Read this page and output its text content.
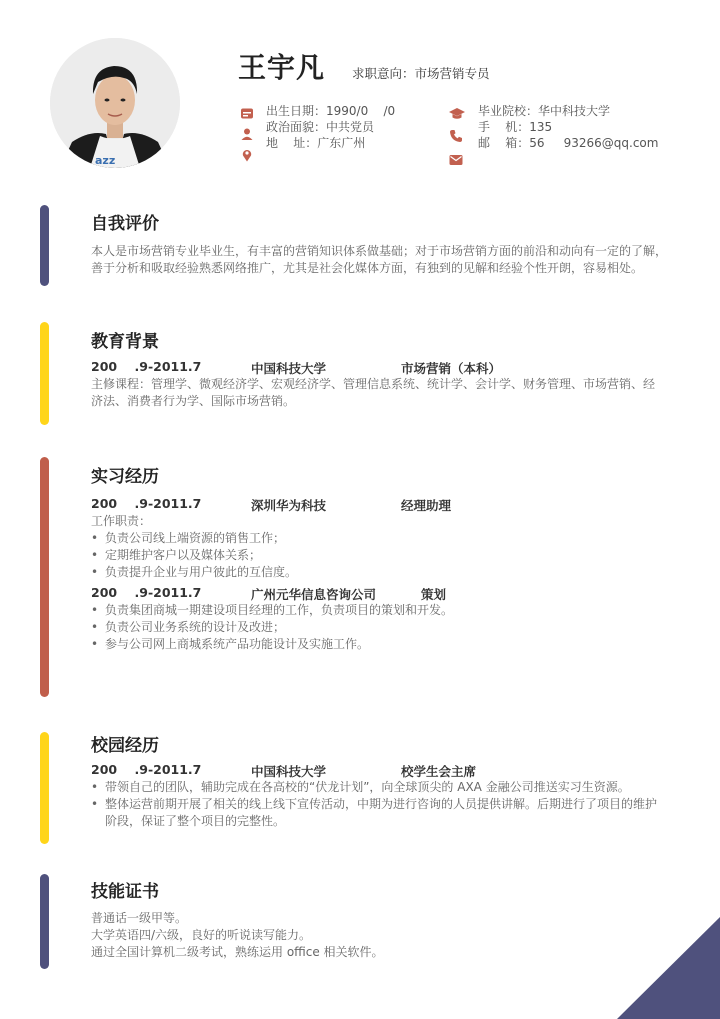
azz
王宇凡 求职意向：市场营销专员
出生日期：1990/0    /0
政治面貌：中共党员
地    址：广东广州
毕业院校：华中科技大学
手    机：135
邮    箱：56     93266@qq.com
自我评价
本人是市场营销专业毕业生，有丰富的营销知识体系做基础；对于市场营销方面的前沿和动向有一定的了解，
善于分析和吸取经验熟悉网络推广，尤其是社会化媒体方面，有独到的见解和经验个性开朗，容易相处。
教育背景
200    .9-2011.7	中国科技大学	市场营销（本科）
主修课程：管理学、微观经济学、宏观经济学、管理信息系统、统计学、会计学、财务管理、市场营销、经
济法、消费者行为学、国际市场营销。
实习经历
200    .9-2011.7	深圳华为科技	经理助理
工作职责：
• 负责公司线上端资源的销售工作；
• 定期维护客户以及媒体关系；
• 负责提升企业与用户彼此的互信度。
200    .9-2011.7	广州元华信息咨询公司	策划
• 负责集团商城一期建设项目经理的工作，负责项目的策划和开发。
• 负责公司业务系统的设计及改进；
• 参与公司网上商城系统产品功能设计及实施工作。
校园经历
200    .9-2011.7	中国科技大学	校学生会主席
• 带领自己的团队，辅助完成在各高校的“伏龙计划”，向全球顶尖的 AXA 金融公司推送实习生资源。
• 整体运营前期开展了相关的线上线下宣传活动，中期为进行咨询的人员提供讲解。后期进行了项目的维护
阶段，保证了整个项目的完整性。
技能证书
普通话一级甲等。
大学英语四/六级，良好的听说读写能力。
通过全国计算机二级考试，熟练运用 office 相关软件。
